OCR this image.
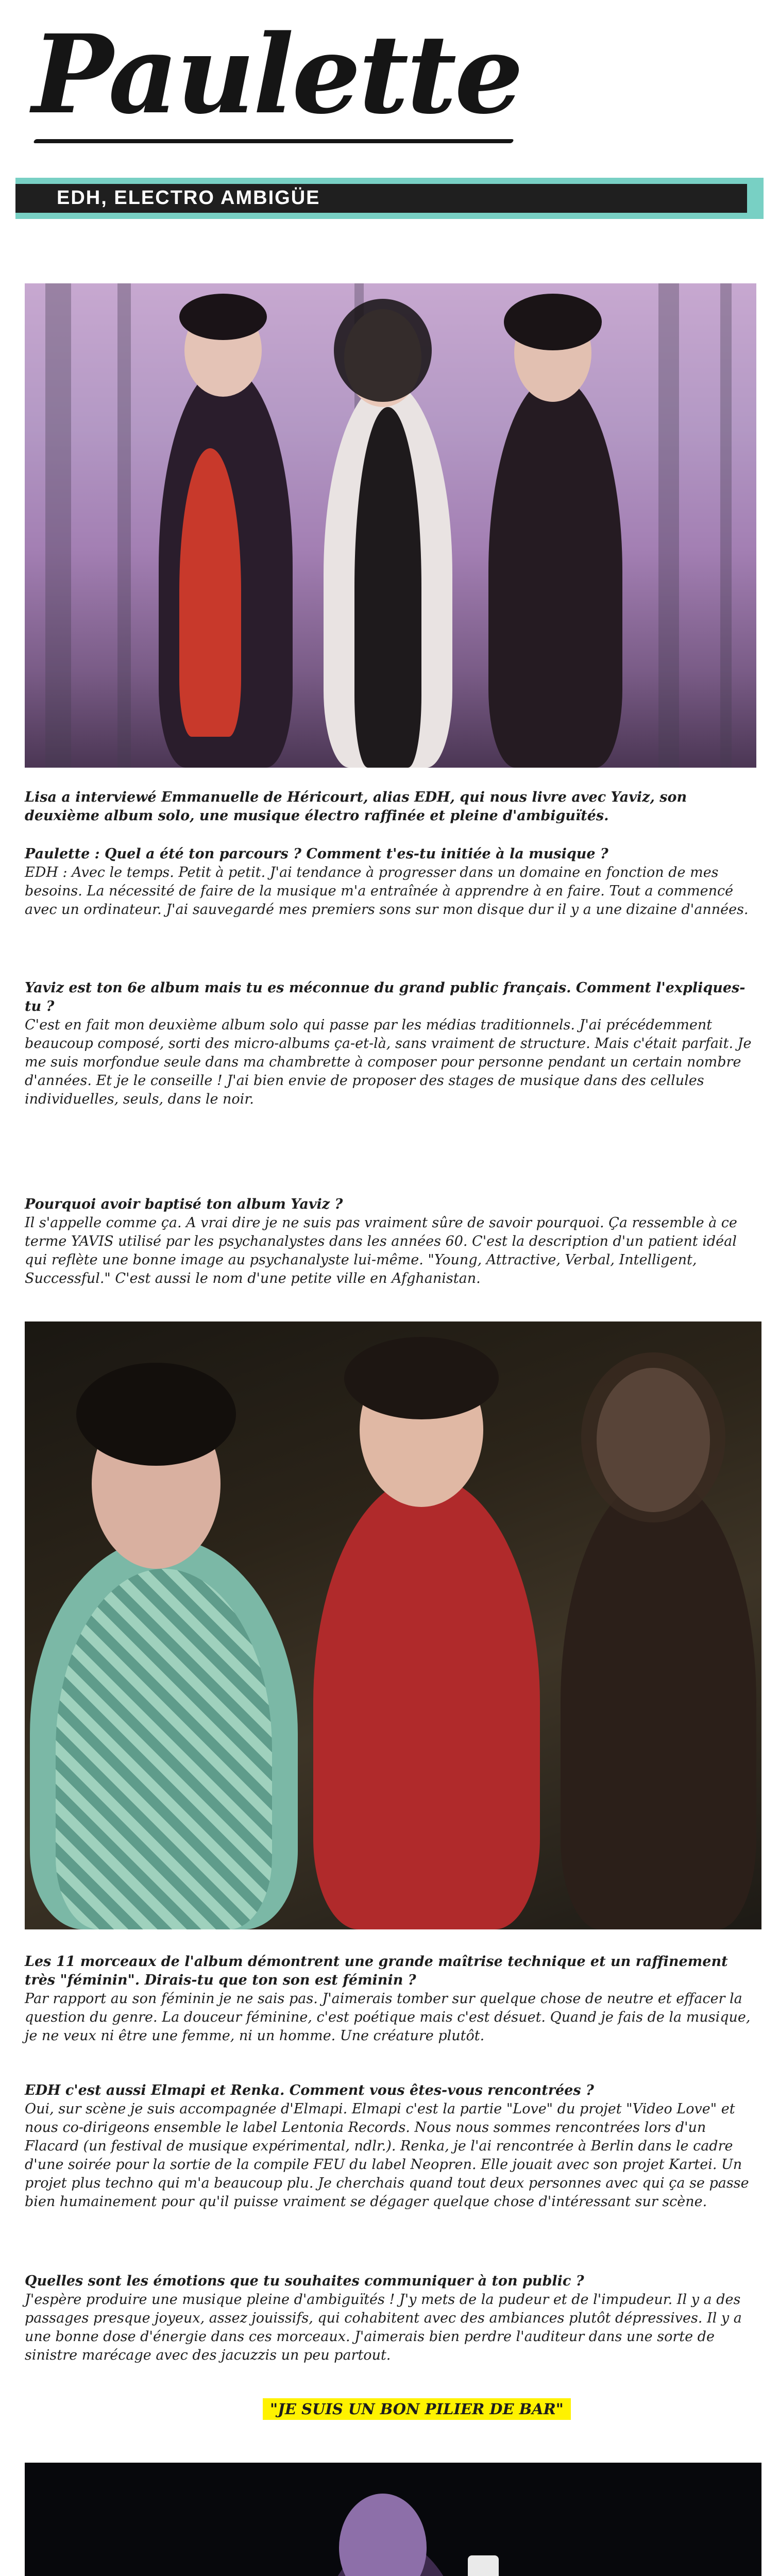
Paulette
EDH, ELECTRO AMBIGÜE

Lisa a interviewé Emmanuelle de Héricourt, alias EDH, qui nous livre avec Yaviz, son deuxième album solo, une musique électro raffinée et pleine d'ambiguïtés.

Paulette : Quel a été ton parcours ? Comment t'es-tu initiée à la musique ?

EDH : Avec le temps. Petit à petit. J'ai tendance à progresser dans un domaine en fonction de mes besoins. La nécessité de faire de la musique m'a entraînée à apprendre à en faire. Tout a commencé avec un ordinateur. J'ai sauvegardé mes premiers sons sur mon disque dur il y a une dizaine d'années.

Yaviz est ton 6e album mais tu es méconnue du grand public français. Comment l'expliques-tu ?

C'est en fait mon deuxième album solo qui passe par les médias traditionnels. J'ai précédemment beaucoup composé, sorti des micro-albums ça-et-là, sans vraiment de structure. Mais c'était parfait. Je me suis morfondue seule dans ma chambrette à composer pour personne pendant un certain nombre d'années. Et je le conseille ! J'ai bien envie de proposer des stages de musique dans des cellules individuelles, seuls, dans le noir.

Pourquoi avoir baptisé ton album Yaviz ?

Il s'appelle comme ça. A vrai dire je ne suis pas vraiment sûre de savoir pourquoi. Ça ressemble à ce terme YAVIS utilisé par les psychanalystes dans les années 60. C'est la description d'un patient idéal qui reflète une bonne image au psychanalyste lui-même. "Young, Attractive, Verbal, Intelligent, Successful." C'est aussi le nom d'une petite ville en Afghanistan.

Les 11 morceaux de l'album démontrent une grande maîtrise technique et un raffinement très "féminin". Dirais-tu que ton son est féminin ?

Par rapport au son féminin je ne sais pas. J'aimerais tomber sur quelque chose de neutre et effacer la question du genre. La douceur féminine, c'est poétique mais c'est désuet. Quand je fais de la musique, je ne veux ni être une femme, ni un homme. Une créature plutôt.

EDH c'est aussi Elmapi et Renka. Comment vous êtes-vous rencontrées ?

Oui, sur scène je suis accompagnée d'Elmapi. Elmapi c'est la partie "Love" du projet "Video Love" et nous co-dirigeons ensemble le label Lentonia Records. Nous nous sommes rencontrées lors d'un Flacard (un festival de musique expérimental, ndlr.). Renka, je l'ai rencontrée à Berlin dans le cadre d'une soirée pour la sortie de la compile FEU du label Neopren. Elle jouait avec son projet Kartei. Un projet plus techno qui m'a beaucoup plu. Je cherchais quand tout deux personnes avec qui ça se passe bien humainement pour qu'il puisse vraiment se dégager quelque chose d'intéressant sur scène.

Quelles sont les émotions que tu souhaites communiquer à ton public ?

J'espère produire une musique pleine d'ambiguïtés ! J'y mets de la pudeur et de l'impudeur. Il y a des passages presque joyeux, assez jouissifs, qui cohabitent avec des ambiances plutôt dépressives. Il y a une bonne dose d'énergie dans ces morceaux. J'aimerais bien perdre l'auditeur dans une sorte de sinistre marécage avec des jacuzzis un peu partout.

"JE SUIS UN BON PILIER DE BAR"
